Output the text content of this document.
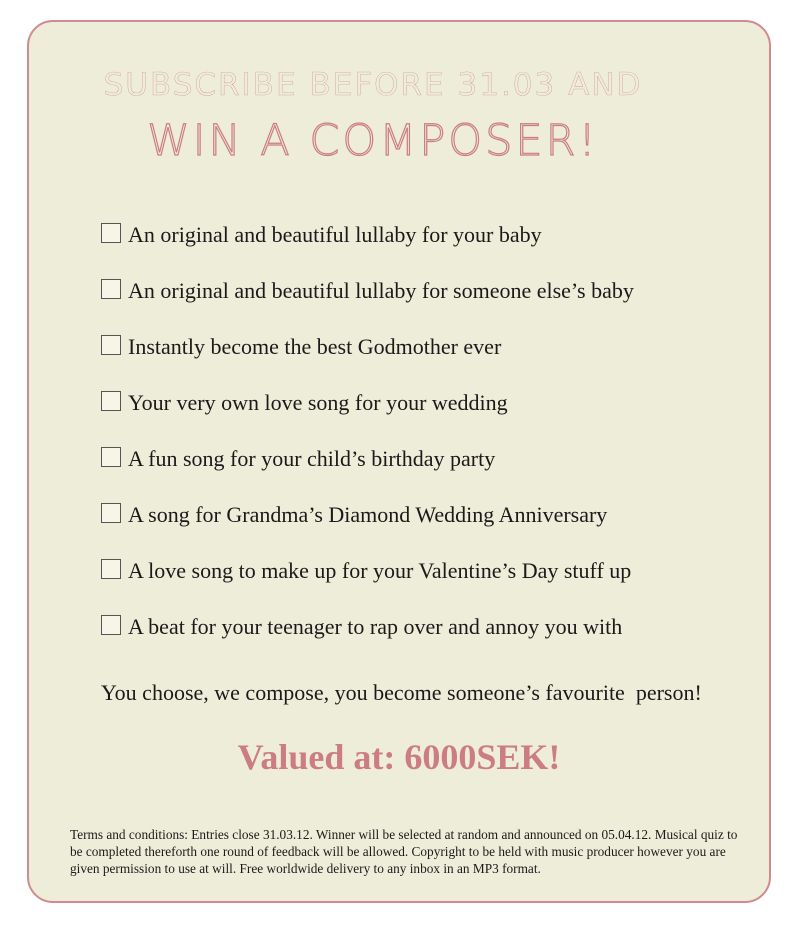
SUBSCRIBE BEFORE 31.03 AND
WIN A COMPOSER!
An original and beautiful lullaby for your baby
An original and beautiful lullaby for someone else’s baby
Instantly become the best Godmother ever
Your very own love song for your wedding
A fun song for your child’s birthday party
A song for Grandma’s Diamond Wedding Anniversary
A love song to make up for your Valentine’s Day stuff up
A beat for your teenager to rap over and annoy you with
You choose, we compose, you become someone’s favourite  person!
Valued at: 6000SEK!
Terms and conditions: Entries close 31.03.12. Winner will be selected at random and announced on 05.04.12. Musical quiz to be completed thereforth one round of feedback will be allowed. Copyright to be held with music producer however you are given permission to use at will. Free worldwide delivery to any inbox in an MP3 format.
